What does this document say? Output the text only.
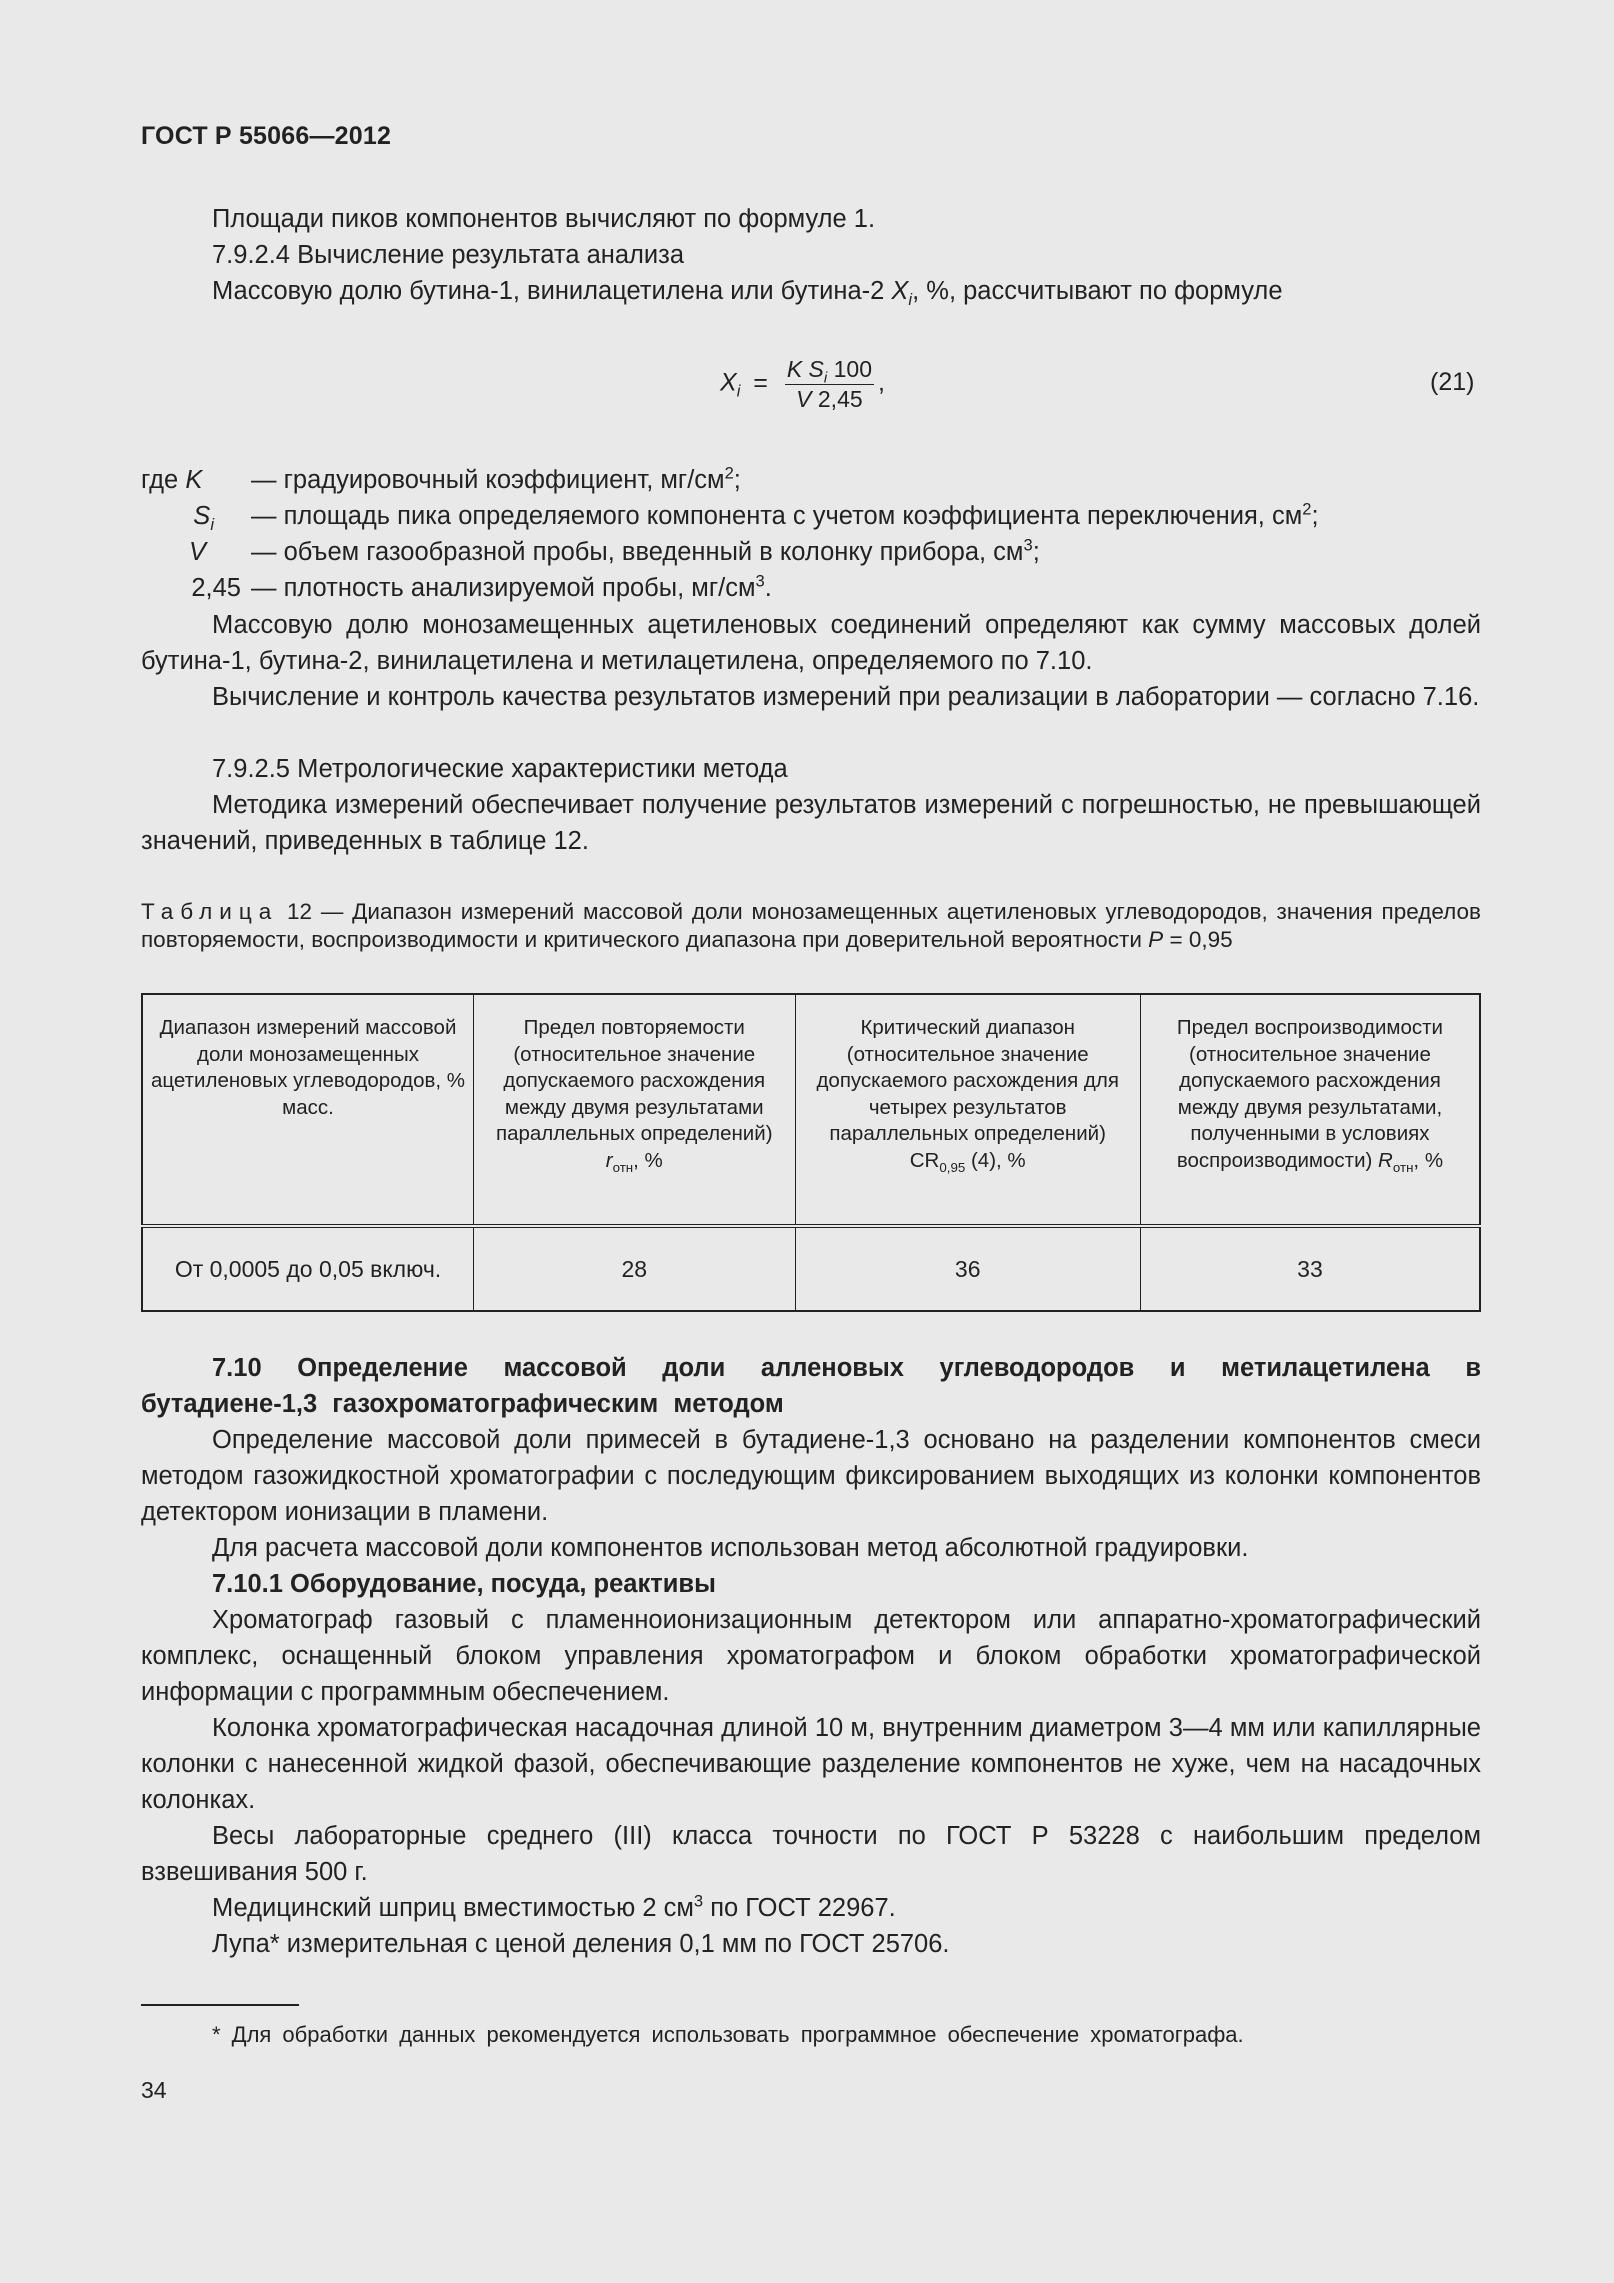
ГОСТ Р 55066—2012
Площади пиков компонентов вычисляют по формуле 1.
7.9.2.4 Вычисление результата анализа
Массовую долю бутина-1, винилацетилена или бутина-2 $X_i$, %, рассчитывают по формуле
$X_i = \frac{K S_i 100}{V 2,45}$ ,	(21)
где K	— градуировочный коэффициент, $мг/см^2$;
$S_i$ — площадь пика определяемого компонента с учетом коэффициента переключения, $см^2$;
V — объем газообразной пробы, введенный в колонку прибора, $см^3$;
2,45 — плотность анализируемой пробы, $мг/см^3$.
Массовую долю монозамещенных ацетиленовых соединений определяют как сумму массовых долей бутина-1, бутина-2, винилацетилена и метилацетилена, определяемого по 7.10.
Вычисление и контроль качества результатов измерений при реализации в лаборатории — согласно 7.16.
7.9.2.5 Метрологические характеристики метода
Методика измерений обеспечивает получение результатов измерений с погрешностью, не превышающей значений, приведенных в таблице 12.
Таблица 12 — Диапазон измерений массовой доли монозамещенных ацетиленовых углеводородов, значения пределов повторяемости, воспроизводимости и критического диапазона при доверительной вероятности P = 0,95
Диапазон измерений массовой доли монозамещенных ацетиленовых углеводородов, % масс.	Предел повторяемости (относительное значение допускаемого расхождения между двумя результатами параллельных определений) $r_{отн}$, %	Критический диапазон (относительное значение допускаемого расхождения для четырех результатов параллельных определений) $CR_{0,95}$ (4), %	Предел воспроизводимости (относительное значение допускаемого расхождения между двумя результатами, полученными в условиях воспроизводимости) $R_{отн}$, %
От 0,0005 до 0,05 включ.	28	36	33
7.10 Определение массовой доли алленовых углеводородов и метилацетилена в бутадиене-1,3 газохроматографическим методом
Определение массовой доли примесей в бутадиене-1,3 основано на разделении компонентов смеси методом газожидкостной хроматографии с последующим фиксированием выходящих из колонки компонентов детектором ионизации в пламени.
Для расчета массовой доли компонентов использован метод абсолютной градуировки.
7.10.1 Оборудование, посуда, реактивы
Хроматограф газовый с пламенноионизационным детектором или аппаратно-хроматографический комплекс, оснащенный блоком управления хроматографом и блоком обработки хроматографической информации с программным обеспечением.
Колонка хроматографическая насадочная длиной 10 м, внутренним диаметром 3—4 мм или капиллярные колонки с нанесенной жидкой фазой, обеспечивающие разделение компонентов не хуже, чем на насадочных колонках.
Весы лабораторные среднего (III) класса точности по ГОСТ Р 53228 с наибольшим пределом взвешивания 500 г.
Медицинский шприц вместимостью 2 $см^3$ по ГОСТ 22967.
Лупа* измерительная с ценой деления 0,1 мм по ГОСТ 25706.
* Для обработки данных рекомендуется использовать программное обеспечение хроматографа.
34
